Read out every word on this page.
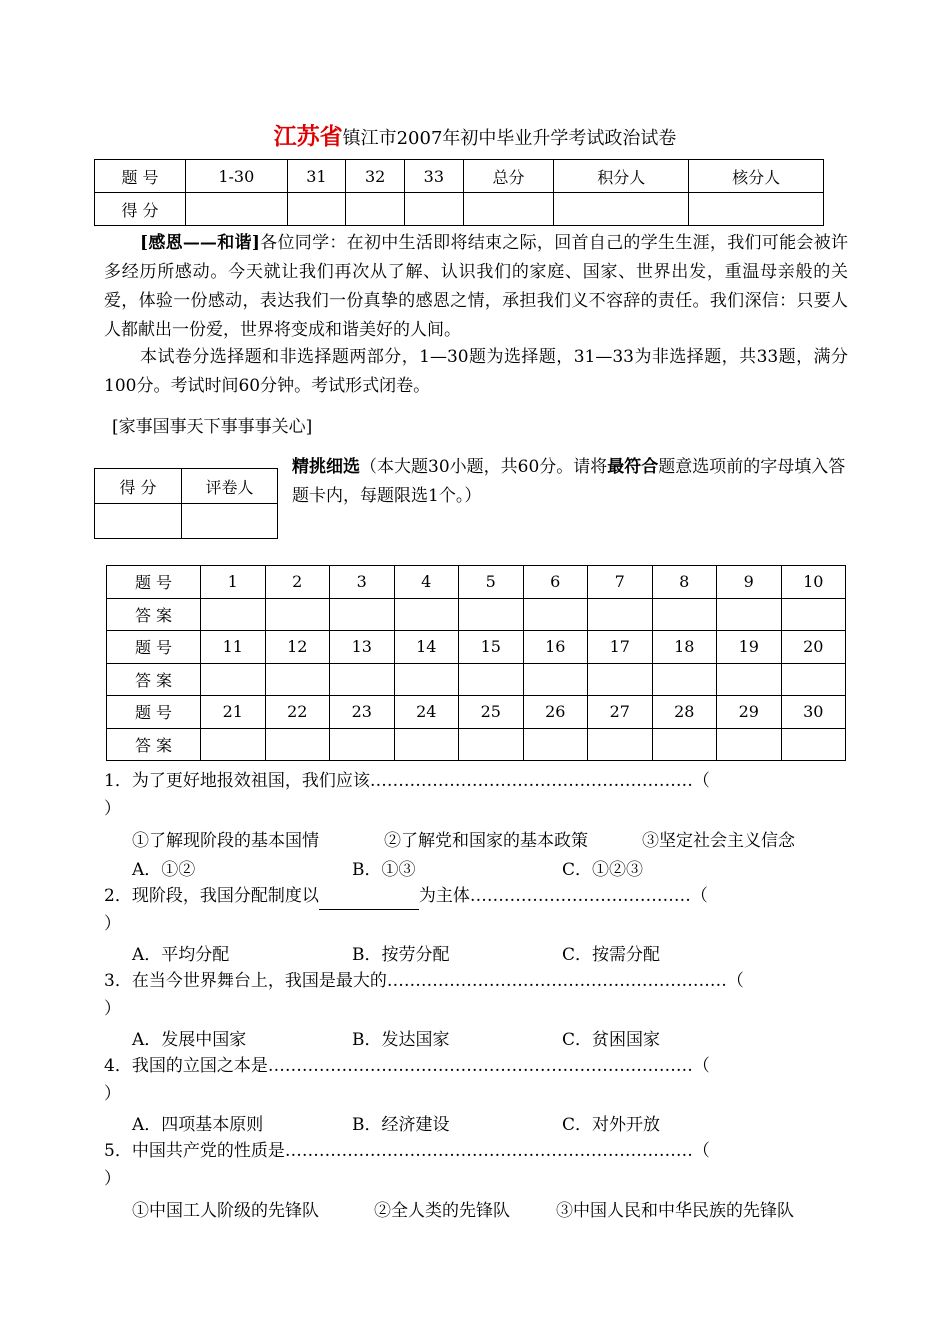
江苏省镇江市2007年初中毕业升学考试政治试卷
题 号	1-30	31	32	33	总分	积分人	核分人
得 分							
[感恩——和谐]各位同学：在初中生活即将结束之际，回首自己的学生生涯，我们可能会被许多经历所感动。今天就让我们再次从了解、认识我们的家庭、国家、世界出发，重温母亲般的关爱，体验一份感动，表达我们一份真挚的感恩之情，承担我们义不容辞的责任。我们深信：只要人人都献出一份爱，世界将变成和谐美好的人间。
本试卷分选择题和非选择题两部分，1—30题为选择题，31—33为非选择题，共33题，满分100分。考试时间60分钟。考试形式闭卷。
[家事国事天下事事事关心]
得 分	评卷人

精挑细选（本大题30小题，共60分。请将最符合题意选项前的字母填入答题卡内，每题限选1个。）
题 号	1	2	3	4	5	6	7	8	9	10
答 案										
题 号	11	12	13	14	15	16	17	18	19	20
答 案										
题 号	21	22	23	24	25	26	27	28	29	30
答 案										
1．为了更好地报效祖国，我们应该…………………………………………………（
）
①了解现阶段的基本国情	②了解党和国家的基本政策	③坚定社会主义信念
A．①②	B．①③	C．①②③
2．现阶段，我国分配制度以	为主体…………………………………（
）
A．平均分配	B．按劳分配	C．按需分配
3．在当今世界舞台上，我国是最大的……………………………………………………（
）
A．发展中国家	B．发达国家	C．贫困国家
4．我国的立国之本是…………………………………………………………………（
）
A．四项基本原则	B．经济建设	C．对外开放
5．中国共产党的性质是………………………………………………………………（
）
①中国工人阶级的先锋队	②全人类的先锋队	③中国人民和中华民族的先锋队
